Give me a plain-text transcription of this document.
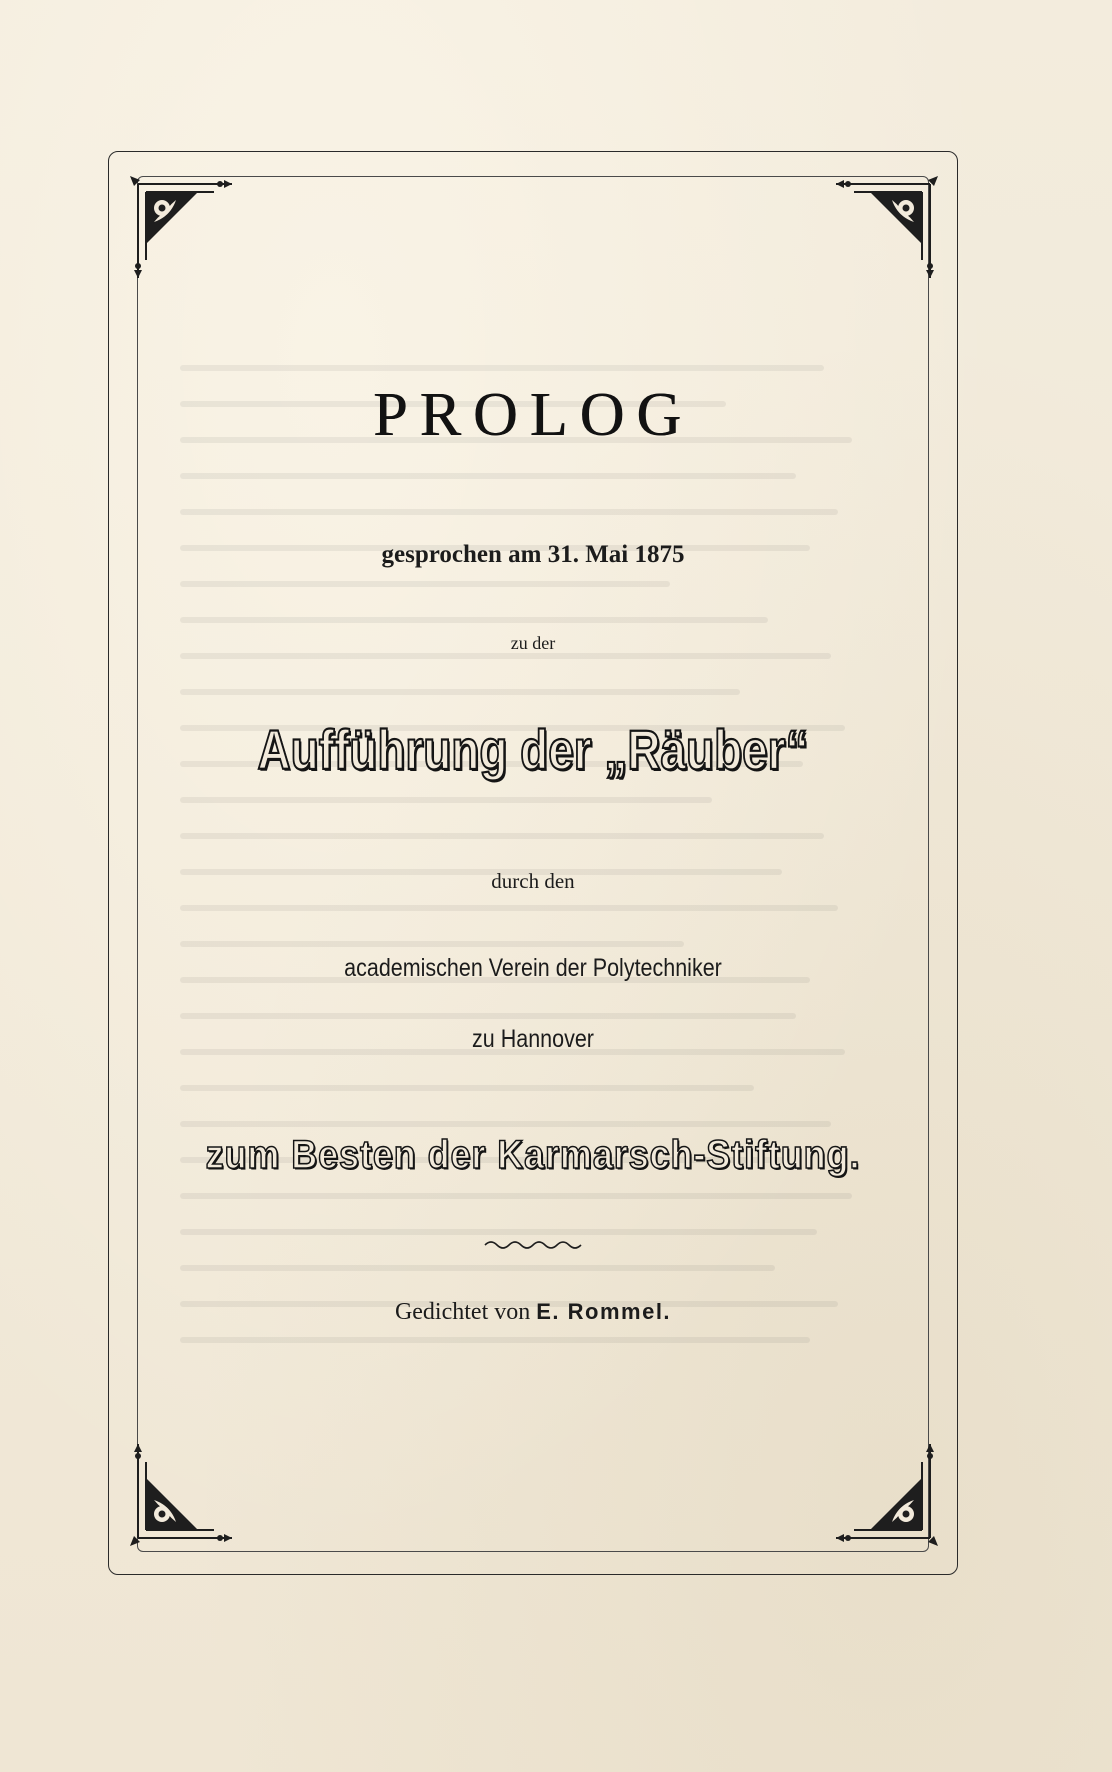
PROLOG
gesprochen am 31. Mai 1875
zu der
Aufführung der „Räuber“
durch den
academischen Verein der Polytechniker
zu Hannover
zum Besten der Karmarsch-Stiftung.
Gedichtet von E. Rommel.
